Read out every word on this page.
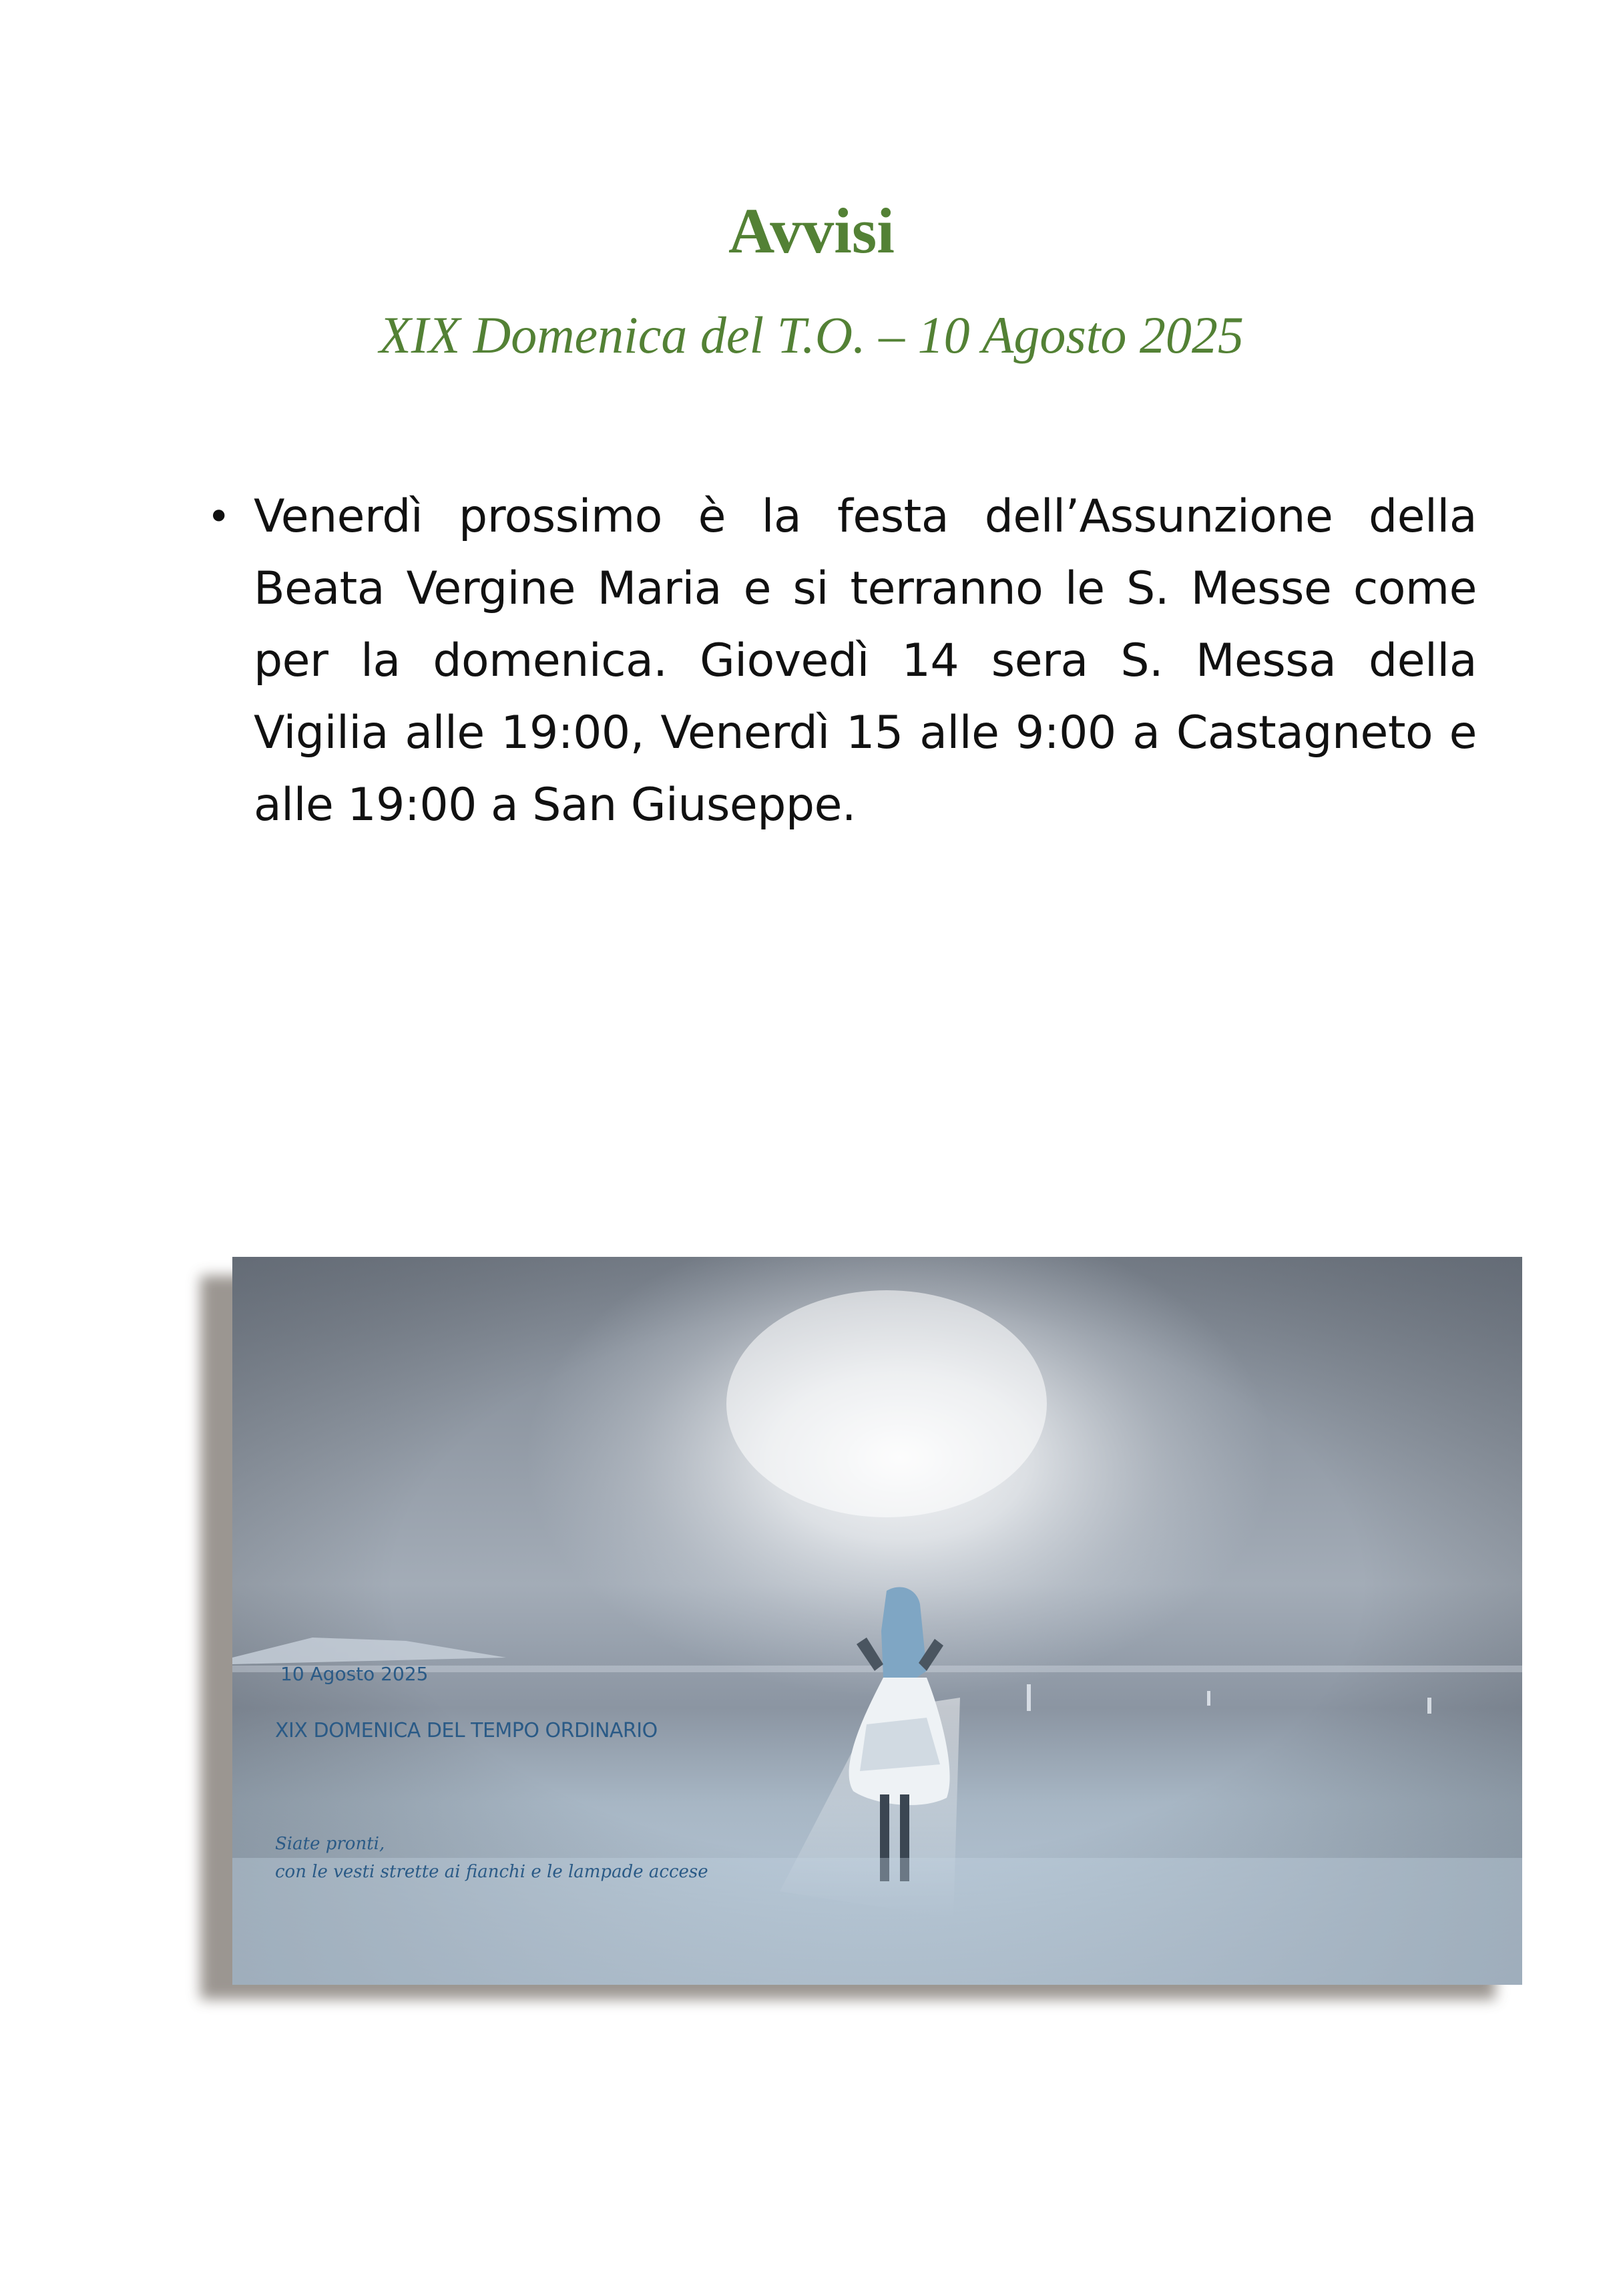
Avvisi
XIX Domenica del T.O. – 10 Agosto 2025
• Venerdì prossimo è la festa dell’Assunzione della Beata Vergine Maria e si terranno le S. Messe come per la domenica. Giovedì 14 sera S. Messa della Vigilia alle 19:00, Venerdì 15 alle 9:00 a Castagneto e alle 19:00 a San Giuseppe.
10 Agosto 2025
XIX DOMENICA DEL TEMPO ORDINARIO
Siate pronti,
con le vesti strette ai fianchi e le lampade accese
